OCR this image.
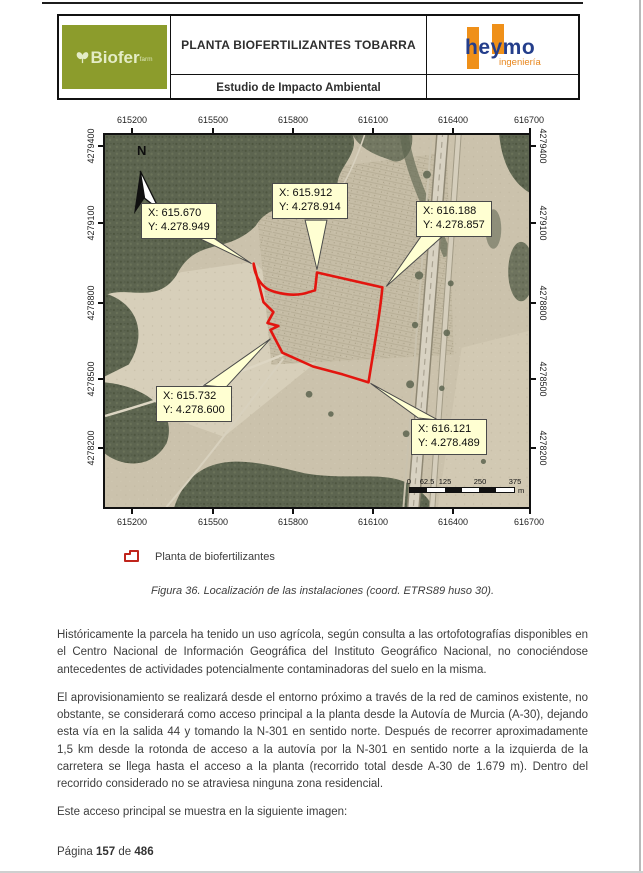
Biofer farm
PLANTA BIOFERTILIZANTES TOBARRA
Estudio de Impacto Ambiental
heymo
ingeniería
X: 615.670
Y: 4.278.949
X: 615.912
Y: 4.278.914	X: 616.188
Y: 4.278.857
X: 615.732
Y: 4.278.600
X: 616.121
Y: 4.278.489
N
0 62.5 125	250	375
m
615200	615500	615800	616100	616400	616700
615200	615500	615800	616100	616400	616700
4279400
4279100
4278800
4278500
4278200
4279400
4279100
4278800
4278500
4278200
Planta de biofertilizantes
Figura 36. Localización de las instalaciones (coord. ETRS89 huso 30).

Históricamente la parcela ha tenido un uso agrícola, según consulta a las ortofotografías disponibles en el Centro Nacional de Información Geográfica del Instituto Geográfico Nacional, no conociéndose antecedentes de actividades potencialmente contaminadoras del suelo en la misma.

El aprovisionamiento se realizará desde el entorno próximo a través de la red de caminos existente, no obstante, se considerará como acceso principal a la planta desde la Autovía de Murcia (A-30), dejando esta vía en la salida 44 y tomando la N-301 en sentido norte. Después de recorrer aproximadamente 1,5 km desde la rotonda de acceso a la autovía por la N-301 en sentido norte a la izquierda de la carretera se llega hasta el acceso a la planta (recorrido total desde A-30 de 1.679 m). Dentro del recorrido considerado no se atraviesa ninguna zona residencial.

Este acceso principal se muestra en la siguiente imagen:

Página 157 de 486
